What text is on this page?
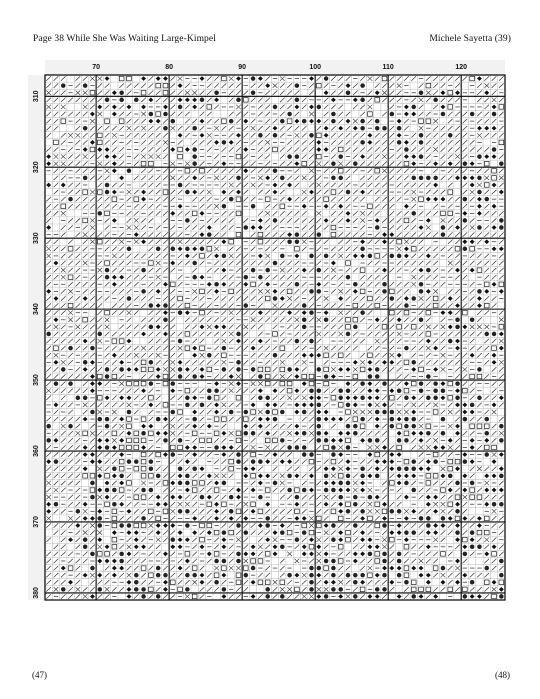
Page 38 While She Was Waiting Large-Kimpel	Michele Sayetta (39)
70	80	90	100	110	120
310
320
330
340
350
360
370
380
(47)	(48)
